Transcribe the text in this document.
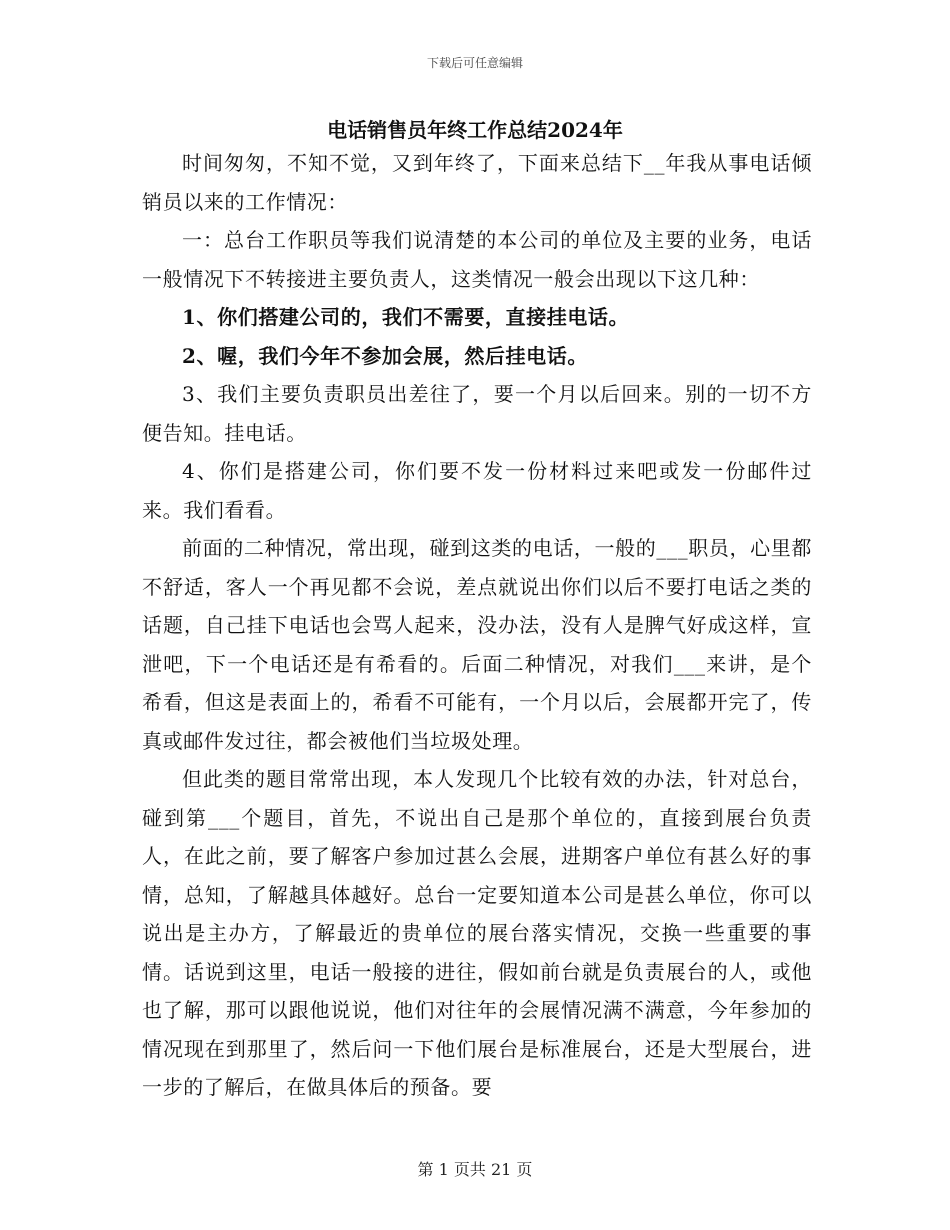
下载后可任意编辑
电话销售员年终工作总结2024年

时间匆匆，不知不觉，又到年终了，下面来总结下__年我从事电话倾销员以来的工作情况：

一：总台工作职员等我们说清楚的本公司的单位及主要的业务，电话一般情况下不转接进主要负责人，这类情况一般会出现以下这几种：

1、你们搭建公司的，我们不需要，直接挂电话。

2、喔，我们今年不参加会展，然后挂电话。

3、我们主要负责职员出差往了，要一个月以后回来。别的一切不方便告知。挂电话。

4、你们是搭建公司，你们要不发一份材料过来吧或发一份邮件过来。我们看看。

前面的二种情况，常出现，碰到这类的电话，一般的___职员，心里都不舒适，客人一个再见都不会说，差点就说出你们以后不要打电话之类的话题，自己挂下电话也会骂人起来，没办法，没有人是脾气好成这样，宣泄吧，下一个电话还是有希看的。后面二种情况，对我们___来讲，是个希看，但这是表面上的，希看不可能有，一个月以后，会展都开完了，传真或邮件发过往，都会被他们当垃圾处理。

但此类的题目常常出现，本人发现几个比较有效的办法，针对总台，碰到第___个题目，首先，不说出自己是那个单位的，直接到展台负责人，在此之前，要了解客户参加过甚么会展，进期客户单位有甚么好的事情，总知，了解越具体越好。总台一定要知道本公司是甚么单位，你可以说出是主办方，了解最近的贵单位的展台落实情况，交换一些重要的事情。话说到这里，电话一般接的进往，假如前台就是负责展台的人，或他也了解，那可以跟他说说，他们对往年的会展情况满不满意，今年参加的情况现在到那里了，然后问一下他们展台是标准展台，还是大型展台，进一步的了解后，在做具体后的预备。要

第 1 页共 21 页
